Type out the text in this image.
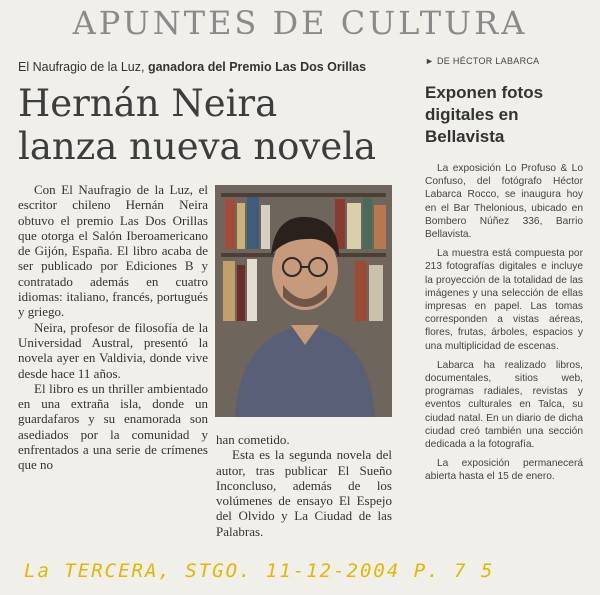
APUNTES DE CULTURA
El Naufragio de la Luz, ganadora del Premio Las Dos Orillas
Hernán Neira
lanza nueva novela

Con El Naufragio de la Luz, el escritor chileno Hernán Neira obtuvo el premio Las Dos Orillas que otorga el Salón Iberoamericano de Gijón, España. El libro acaba de ser publicado por Ediciones B y contratado además en cuatro idiomas: italiano, francés, portugués y griego.

Neira, profesor de filosofía de la Universidad Austral, presentó la novela ayer en Valdivia, donde vive desde hace 11 años.

El libro es un thriller ambientado en una extraña isla, donde un guardafaros y su enamorada son asediados por la comunidad y enfrentados a una serie de crímenes que no

han cometido.

Esta es la segunda novela del autor, tras publicar El Sueño Inconcluso, además de los volúmenes de ensayo El Espejo del Olvido y La Ciudad de las Palabras.

► DE HÉCTOR LABARCA
Exponen fotos digitales en Bellavista

La exposición Lo Profuso & Lo Confuso, del fotógrafo Héctor Labarca Rocco, se inaugura hoy en el Bar Thelonious, ubicado en Bombero Núñez 336, Barrio Bellavista.

La muestra está compuesta por 213 fotografías digitales e incluye la proyección de la totalidad de las imágenes y una selección de ellas impresas en papel. Las tomas corresponden a vistas aéreas, flores, frutas, árboles, espacios y una multiplicidad de escenas.

Labarca ha realizado libros, documentales, sitios web, programas radiales, revistas y eventos culturales en Talca, su ciudad natal. En un diario de dicha ciudad creó también una sección dedicada a la fotografía.

La exposición permanecerá abierta hasta el 15 de enero.

La TERCERA, STGO. 11-12-2004 P. 7 5
